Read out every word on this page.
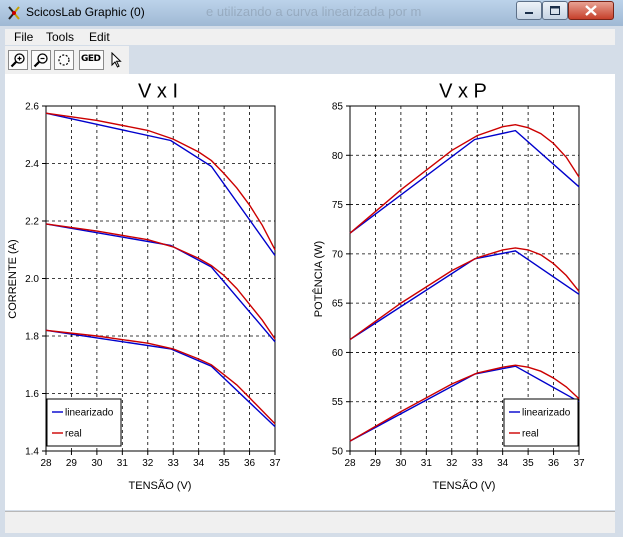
e utilizando a curva linearizada por m
ScicosLab Graphic (0)
File Tools Edit
GED
V x I	V x P
TENSÃO (V)	TENSÃO (V)
CORRENTE (A)	POTÊNCIA (W)
28 29 30 31 32 33 34 35 36 37
1.4
1.6
1.8
2.0
2.2
2.4
2.6
linearizado
real
28 29 30 31 32 33 34 35 36 37
50
55
60
65
70
75
80
85
linearizado
real
